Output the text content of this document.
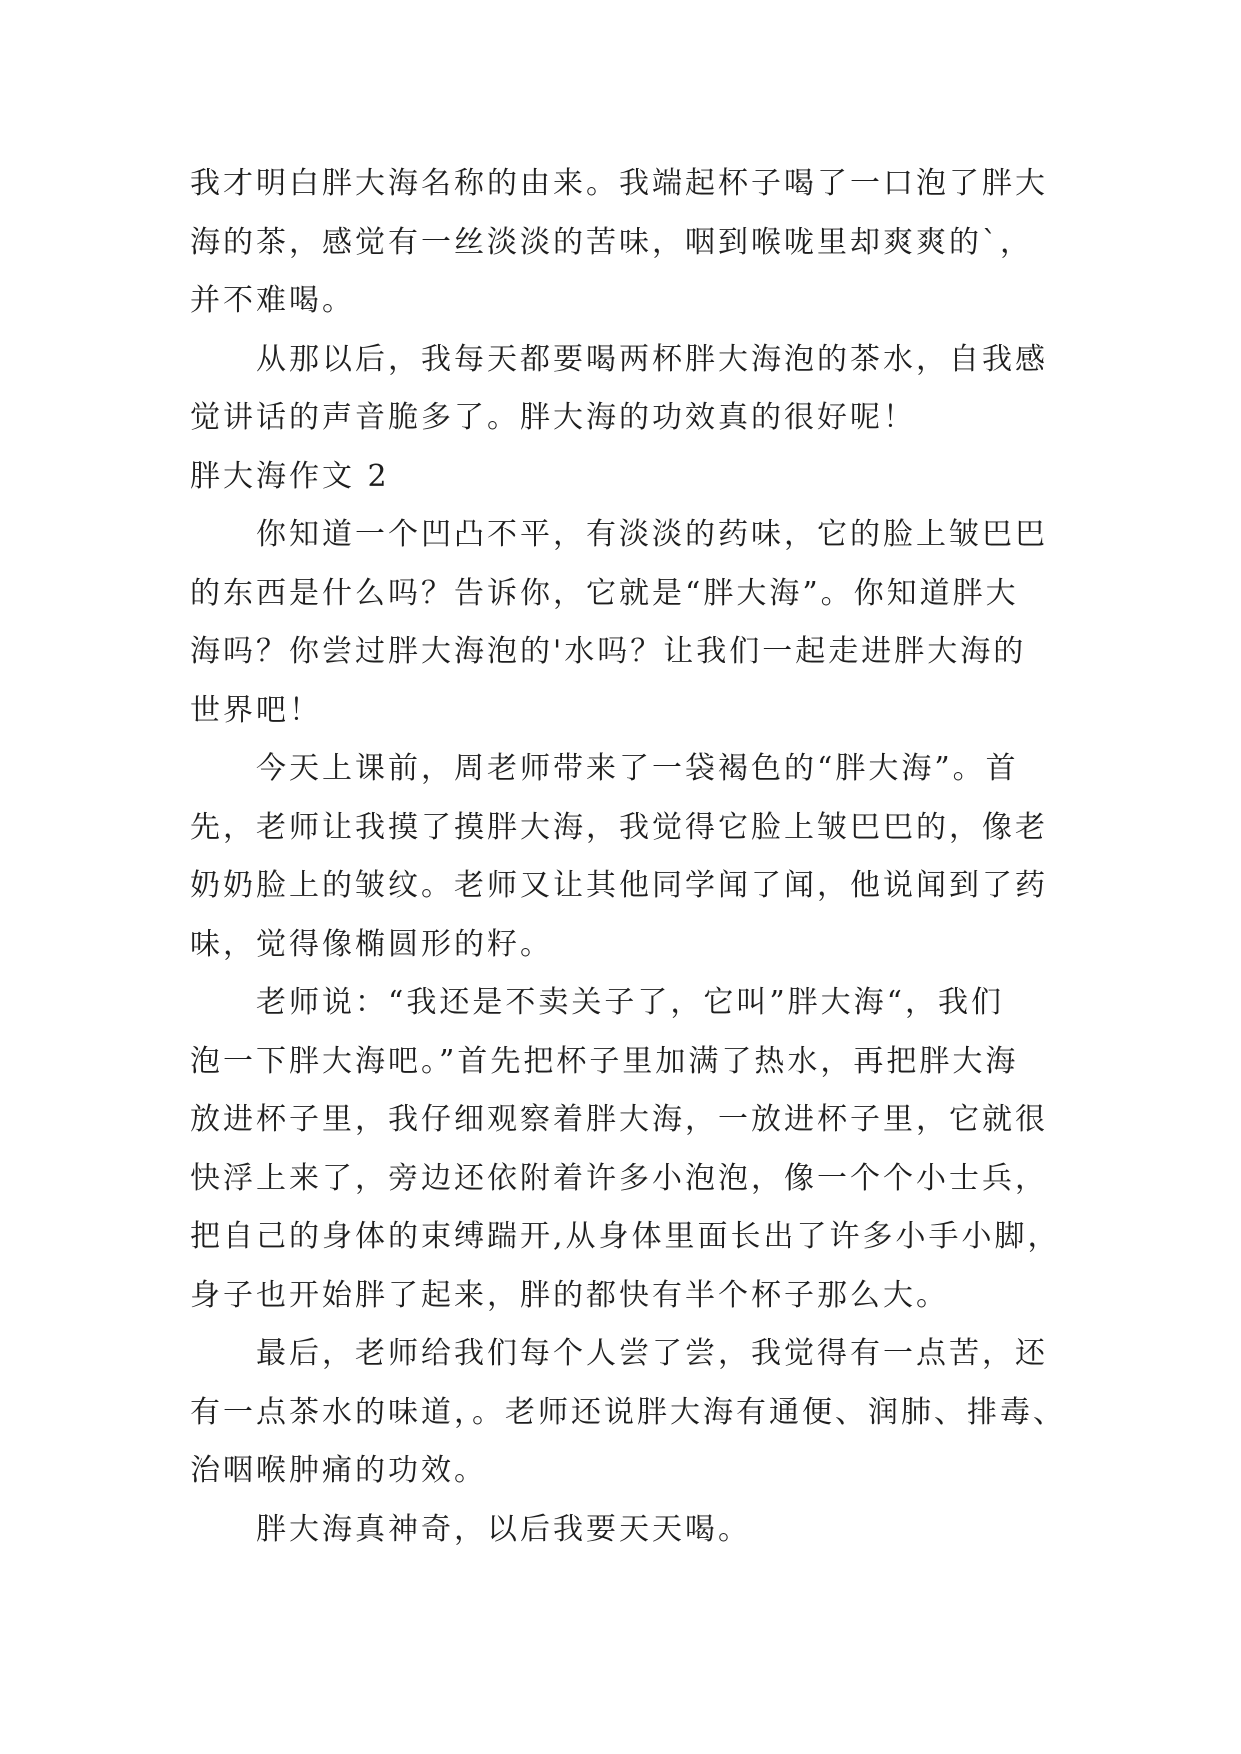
我才明白胖大海名称的由来。我端起杯子喝了一口泡了胖大
海的茶，感觉有一丝淡淡的苦味，咽到喉咙里却爽爽的`，
并不难喝。
从那以后，我每天都要喝两杯胖大海泡的茶水，自我感
觉讲话的声音脆多了。胖大海的功效真的很好呢！
胖大海作文 2
你知道一个凹凸不平，有淡淡的药味，它的脸上皱巴巴
的东西是什么吗？告诉你，它就是“胖大海”。你知道胖大
海吗？你尝过胖大海泡的'水吗？让我们一起走进胖大海的
世界吧！
今天上课前，周老师带来了一袋褐色的“胖大海”。首
先，老师让我摸了摸胖大海，我觉得它脸上皱巴巴的，像老
奶奶脸上的皱纹。老师又让其他同学闻了闻，他说闻到了药
味，觉得像椭圆形的籽。
老师说：“我还是不卖关子了，它叫”胖大海“，我们
泡一下胖大海吧。”首先把杯子里加满了热水，再把胖大海
放进杯子里，我仔细观察着胖大海，一放进杯子里，它就很
快浮上来了，旁边还依附着许多小泡泡，像一个个小士兵，
把自己的身体的束缚踹开,从身体里面长出了许多小手小脚，
身子也开始胖了起来，胖的都快有半个杯子那么大。
最后，老师给我们每个人尝了尝，我觉得有一点苦，还
有一点茶水的味道，。老师还说胖大海有通便、润肺、排毒、
治咽喉肿痛的功效。
胖大海真神奇，以后我要天天喝。
